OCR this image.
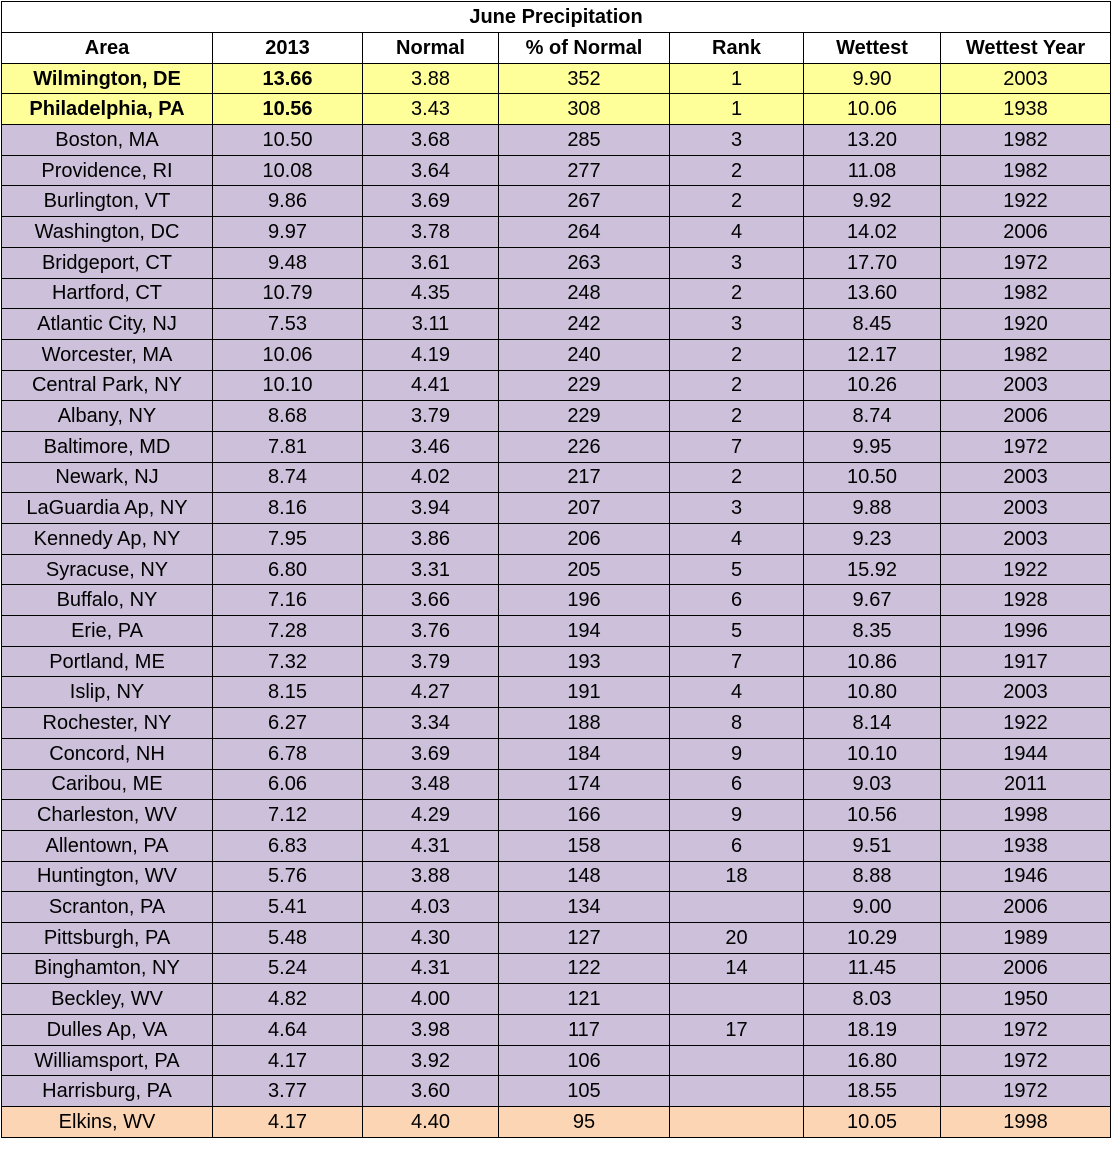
June Precipitation						
Area	2013	Normal	% of Normal	Rank	Wettest	Wettest Year
Wilmington, DE	13.66	3.88	352	1	9.90	2003
Philadelphia, PA	10.56	3.43	308	1	10.06	1938
Boston, MA	10.50	3.68	285	3	13.20	1982
Providence, RI	10.08	3.64	277	2	11.08	1982
Burlington, VT	9.86	3.69	267	2	9.92	1922
Washington, DC	9.97	3.78	264	4	14.02	2006
Bridgeport, CT	9.48	3.61	263	3	17.70	1972
Hartford, CT	10.79	4.35	248	2	13.60	1982
Atlantic City, NJ	7.53	3.11	242	3	8.45	1920
Worcester, MA	10.06	4.19	240	2	12.17	1982
Central Park, NY	10.10	4.41	229	2	10.26	2003
Albany, NY	8.68	3.79	229	2	8.74	2006
Baltimore, MD	7.81	3.46	226	7	9.95	1972
Newark, NJ	8.74	4.02	217	2	10.50	2003
LaGuardia Ap, NY	8.16	3.94	207	3	9.88	2003
Kennedy Ap, NY	7.95	3.86	206	4	9.23	2003
Syracuse, NY	6.80	3.31	205	5	15.92	1922
Buffalo, NY	7.16	3.66	196	6	9.67	1928
Erie, PA	7.28	3.76	194	5	8.35	1996
Portland, ME	7.32	3.79	193	7	10.86	1917
Islip, NY	8.15	4.27	191	4	10.80	2003
Rochester, NY	6.27	3.34	188	8	8.14	1922
Concord, NH	6.78	3.69	184	9	10.10	1944
Caribou, ME	6.06	3.48	174	6	9.03	2011
Charleston, WV	7.12	4.29	166	9	10.56	1998
Allentown, PA	6.83	4.31	158	6	9.51	1938
Huntington, WV	5.76	3.88	148	18	8.88	1946
Scranton, PA	5.41	4.03	134		9.00	2006
Pittsburgh, PA	5.48	4.30	127	20	10.29	1989
Binghamton, NY	5.24	4.31	122	14	11.45	2006
Beckley, WV	4.82	4.00	121		8.03	1950
Dulles Ap, VA	4.64	3.98	117	17	18.19	1972
Williamsport, PA	4.17	3.92	106		16.80	1972
Harrisburg, PA	3.77	3.60	105		18.55	1972
Elkins, WV	4.17	4.40	95		10.05	1998
